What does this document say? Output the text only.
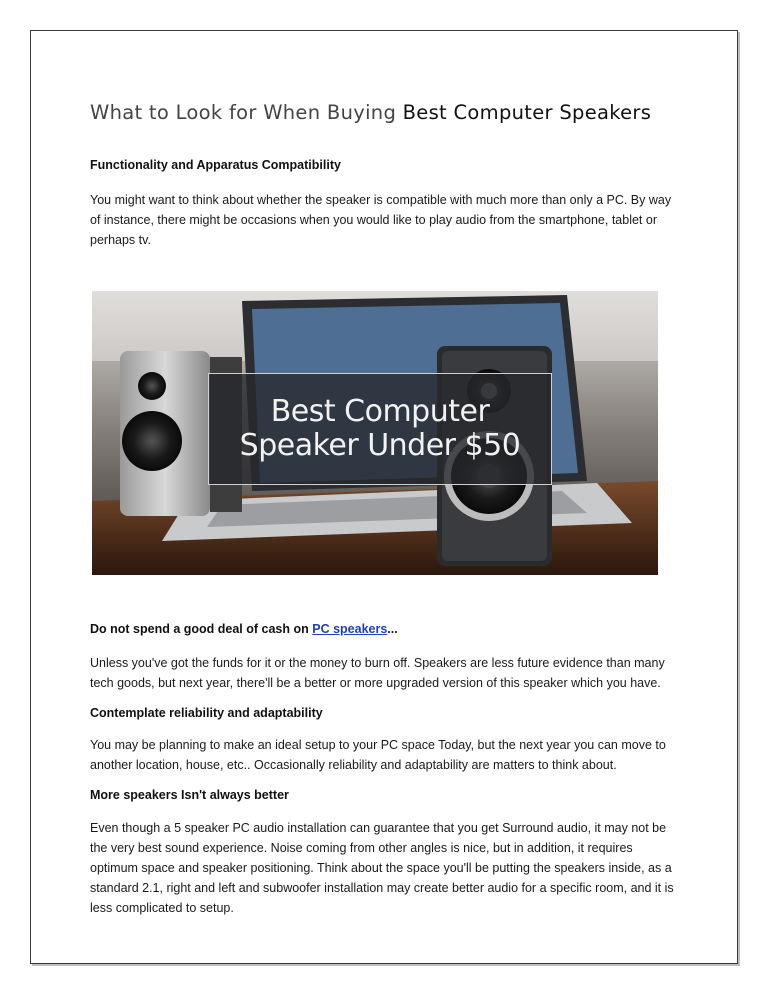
What to Look for When Buying Best Computer Speakers

Functionality and Apparatus Compatibility

You might want to think about whether the speaker is compatible with much more than only a PC. By way of instance, there might be occasions when you would like to play audio from the smartphone, tablet or perhaps tv.

Best Computer
Speaker Under $50

Do not spend a good deal of cash on PC speakers...

Unless you've got the funds for it or the money to burn off. Speakers are less future evidence than many tech goods, but next year, there'll be a better or more upgraded version of this speaker which you have.

Contemplate reliability and adaptability

You may be planning to make an ideal setup to your PC space Today, but the next year you can move to another location, house, etc.. Occasionally reliability and adaptability are matters to think about.

More speakers Isn't always better

Even though a 5 speaker PC audio installation can guarantee that you get Surround audio, it may not be the very best sound experience. Noise coming from other angles is nice, but in addition, it requires optimum space and speaker positioning. Think about the space you'll be putting the speakers inside, as a standard 2.1, right and left and subwoofer installation may create better audio for a specific room, and it is less complicated to setup.
